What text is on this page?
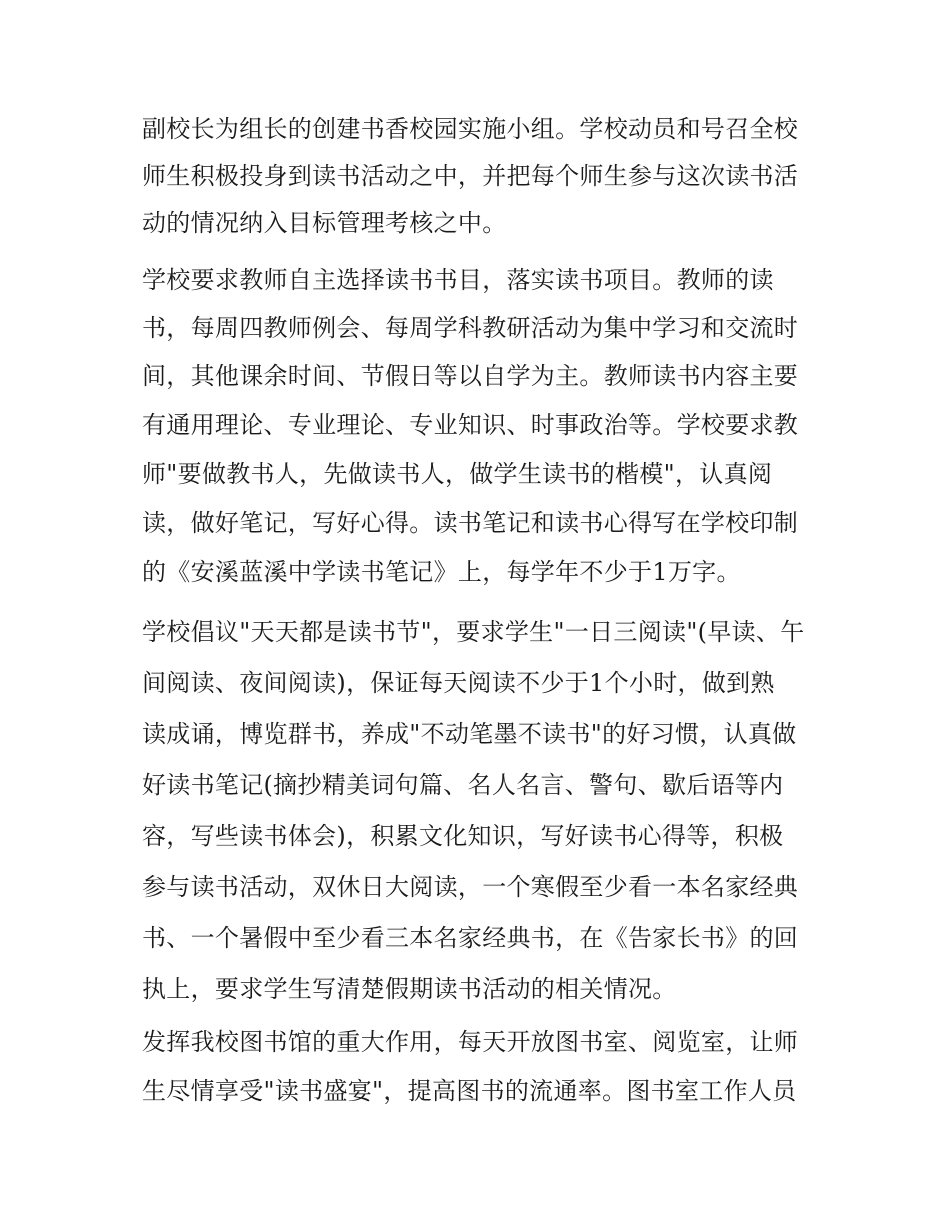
副校长为组长的创建书香校园实施小组。学校动员和号召全校
师生积极投身到读书活动之中，并把每个师生参与这次读书活
动的情况纳入目标管理考核之中。
学校要求教师自主选择读书书目，落实读书项目。教师的读
书，每周四教师例会、每周学科教研活动为集中学习和交流时
间，其他课余时间、节假日等以自学为主。教师读书内容主要
有通用理论、专业理论、专业知识、时事政治等。学校要求教
师"要做教书人，先做读书人，做学生读书的楷模"，认真阅
读，做好笔记，写好心得。读书笔记和读书心得写在学校印制
的《安溪蓝溪中学读书笔记》上，每学年不少于1万字。
学校倡议"天天都是读书节"，要求学生"一日三阅读"(早读、午
间阅读、夜间阅读)，保证每天阅读不少于1个小时，做到熟
读成诵，博览群书，养成"不动笔墨不读书"的好习惯，认真做
好读书笔记(摘抄精美词句篇、名人名言、警句、歇后语等内
容，写些读书体会)，积累文化知识，写好读书心得等，积极
参与读书活动，双休日大阅读，一个寒假至少看一本名家经典
书、一个暑假中至少看三本名家经典书，在《告家长书》的回
执上，要求学生写清楚假期读书活动的相关情况。
发挥我校图书馆的重大作用，每天开放图书室、阅览室，让师
生尽情享受"读书盛宴"，提高图书的流通率。图书室工作人员
